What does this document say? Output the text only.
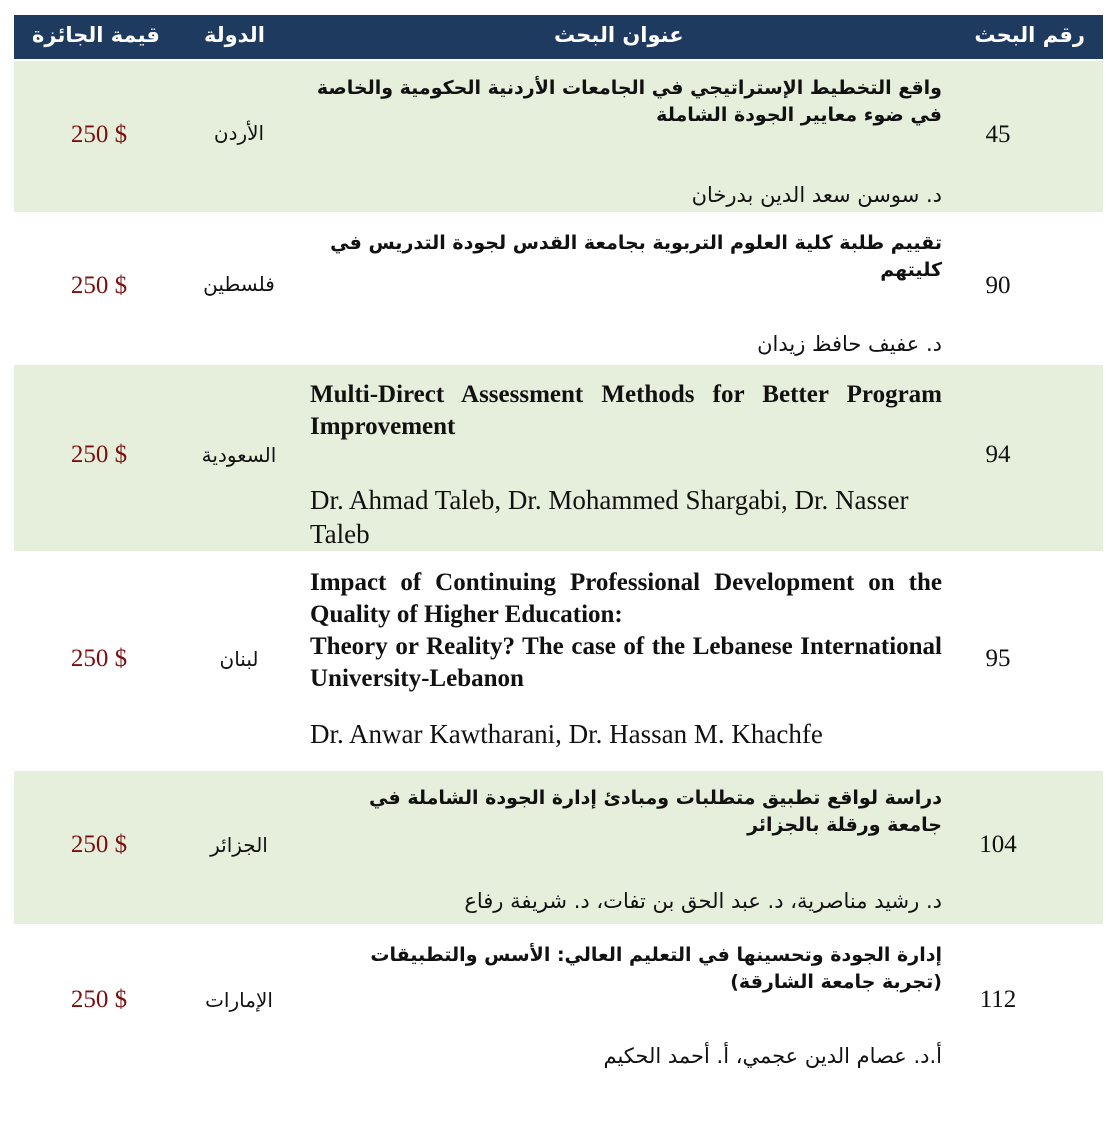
رقم البحث
عنوان البحث
الدولة
قيمة الجائزة
واقع التخطيط الإستراتيجي في الجامعات الأردنية الحكومية والخاصة في ضوء معايير الجودة الشاملة
د. سوسن سعد الدين بدرخان
45
الأردن
250 $
تقييم طلبة كلية العلوم التربوية بجامعة القدس لجودة التدريس في كليتهم
د. عفيف حافظ زيدان
90
فلسطين
250 $
Multi-Direct Assessment Methods for Better Program Improvement
Dr. Ahmad Taleb, Dr. Mohammed Shargabi, Dr. Nasser Taleb
94
السعودية
250 $
Impact of Continuing Professional Development on the Quality of Higher Education:
Theory or Reality? The case of the Lebanese International University-Lebanon
Dr. Anwar Kawtharani, Dr. Hassan M. Khachfe
95
لبنان
250 $
دراسة لواقع تطبيق متطلبات ومبادئ إدارة الجودة الشاملة في جامعة ورقلة بالجزائر
د. رشيد مناصرية، د. عبد الحق بن تفات، د. شريفة رفاع
104
الجزائر
250 $
إدارة الجودة وتحسينها في التعليم العالي: الأسس والتطبيقات (تجربة جامعة الشارقة)
أ.د. عصام الدين عجمي، أ. أحمد الحكيم
112
الإمارات
250 $
